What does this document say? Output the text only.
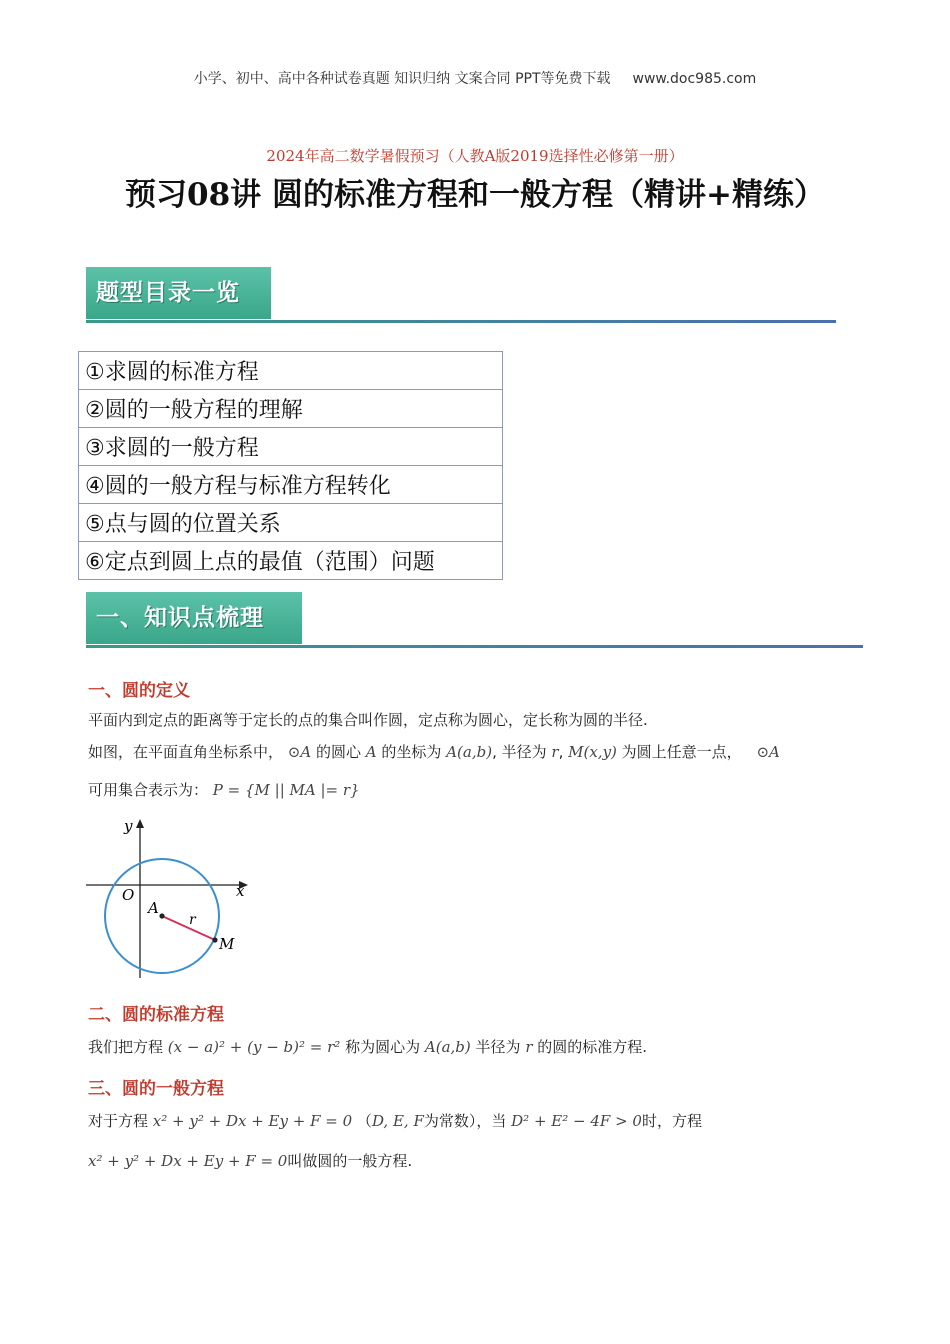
小学、初中、高中各种试卷真题 知识归纳 文案合同 PPT等免费下载 www.doc985.com
2024年高二数学暑假预习（人教A版2019选择性必修第一册）
预习08讲 圆的标准方程和一般方程（精讲+精练）
题型目录一览
①求圆的标准方程
②圆的一般方程的理解
③求圆的一般方程
④圆的一般方程与标准方程转化
⑤点与圆的位置关系
⑥定点到圆上点的最值（范围）问题
一、知识点梳理
一、圆的定义
平面内到定点的距离等于定长的点的集合叫作圆，定点称为圆心，定长称为圆的半径.
如图，在平面直角坐标系中， ⊙A 的圆心 A 的坐标为 A(a,b), 半径为 r, M(x,y) 为圆上任意一点， ⊙A
可用集合表示为： P = {M || MA |= r}
y
x
O
A
r
M
二、圆的标准方程
我们把方程 (x − a)² + (y − b)² = r² 称为圆心为 A(a,b) 半径为 r 的圆的标准方程.
三、圆的一般方程
对于方程 x² + y² + Dx + Ey + F = 0 （D, E, F为常数），当 D² + E² − 4F > 0时，方程
x² + y² + Dx + Ey + F = 0叫做圆的一般方程.
